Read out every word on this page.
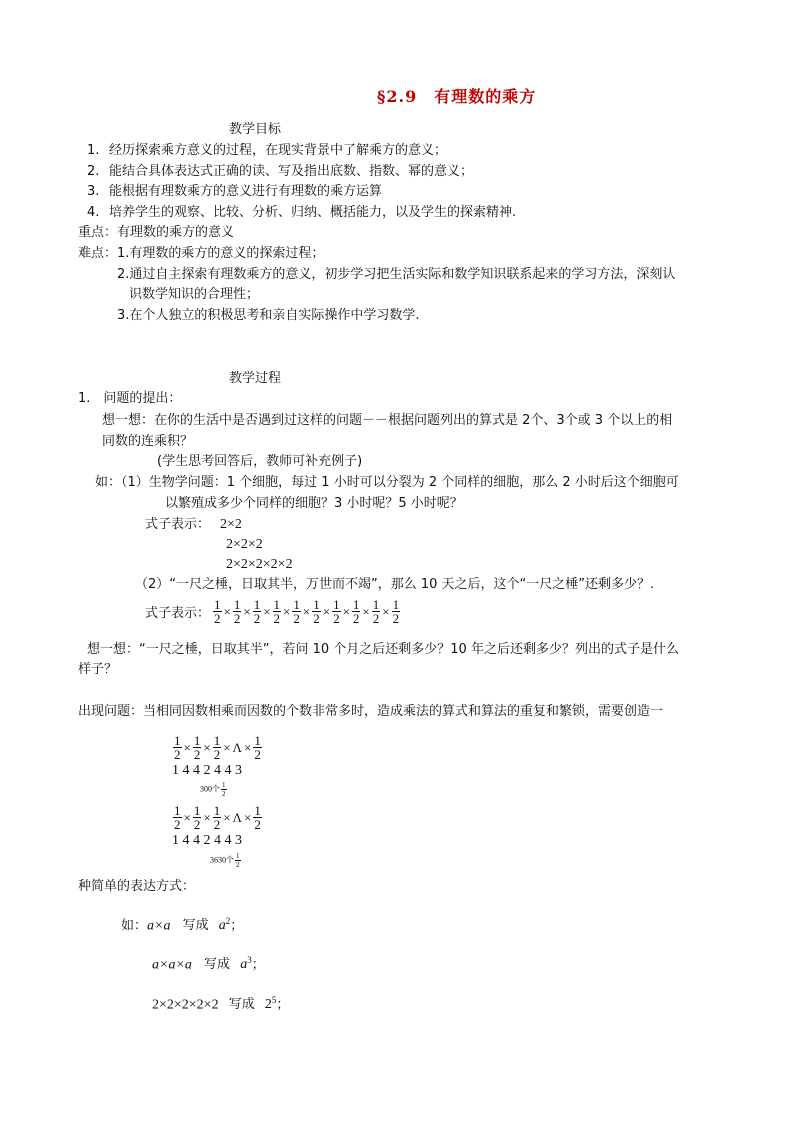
§2.9　有理数的乘方
教学目标
1. 经历探索乘方意义的过程，在现实背景中了解乘方的意义；
2. 能结合具体表达式正确的读、写及指出底数、指数、幂的意义；
3. 能根据有理数乘方的意义进行有理数的乘方运算
4. 培养学生的观察、比较、分析、归纳、概括能力，以及学生的探索精神.
重点：有理数的乘方的意义
难点： 1.有理数的乘方的意义的探索过程；
2.通过自主探索有理数乘方的意义，初步学习把生活实际和数学知识联系起来的学习方法，深刻认
识数学知识的合理性；
3.在个人独立的积极思考和亲自实际操作中学习数学.
教学过程
1.　问题的提出：
想一想：在你的生活中是否遇到过这样的问题－－根据问题列出的算式是 2个、3个或 3 个以上的相
同数的连乘积？
(学生思考回答后，教师可补充例子)
如：（1）生物学问题：1 个细胞，每过 1 小时可以分裂为 2 个同样的细胞，那么 2 小时后这个细胞可
以繁殖成多少个同样的细胞？3 小时呢？5 小时呢？
式子表示： 2×2
2×2×2
2×2×2×2×2
（2）“一尺之棰，日取其半，万世而不竭”，那么 10 天之后，这个“一尺之棰”还剩多少？.
式子表示： $\frac{1}{2} \times \frac{1}{2} \times \frac{1}{2} \times \frac{1}{2} \times \frac{1}{2} \times \frac{1}{2} \times \frac{1}{2} \times \frac{1}{2} \times \frac{1}{2} \times \frac{1}{2}$
想一想：“一尺之棰，日取其半”，若问 10 个月之后还剩多少？10 年之后还剩多少？列出的式子是什么
样子？
出现问题：当相同因数相乘而因数的个数非常多时，造成乘法的算式和算法的重复和繁锁，需要创造一
$\frac{1}{2} \times \frac{1}{2} \times \frac{1}{2} \times \Lambda \times \frac{1}{2}$
1 4 4 2 4 4 3
300个 $\frac{1}{2}$
$\frac{1}{2} \times \frac{1}{2} \times \frac{1}{2} \times \Lambda \times \frac{1}{2}$
1 4 4 2 4 4 3
3630个 $\frac{1}{2}$
种简单的表达方式：
如：a×a 写成 $a^2$；
a×a×a 写成 $a^3$；
2×2×2×2×2 写成 $2^5$；
